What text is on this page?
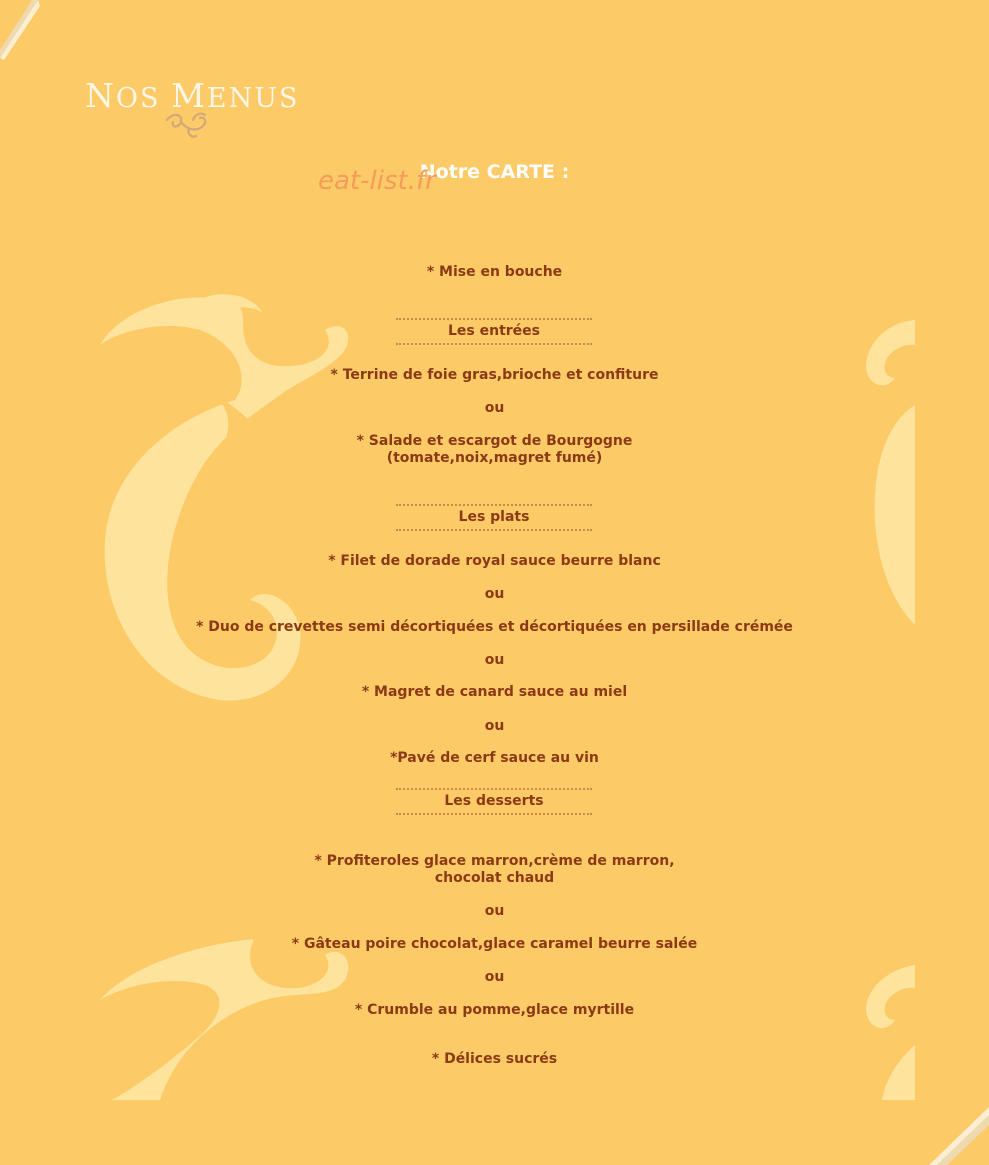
NOS MENUS
Notre CARTE :
eat-list.fr
* Mise en bouche
Les entrées
* Terrine de foie gras,brioche et confiture
ou
* Salade et escargot de Bourgogne
(tomate,noix,magret fumé)
Les plats
* Filet de dorade royal sauce beurre blanc
ou
* Duo de crevettes semi décortiquées et décortiquées en persillade crémée
ou
* Magret de canard sauce au miel
ou
*Pavé de cerf sauce au vin
Les desserts
* Profiteroles glace marron,crème de marron,
chocolat chaud
ou
* Gâteau poire chocolat,glace caramel beurre salée
ou
* Crumble au pomme,glace myrtille
* Délices sucrés
